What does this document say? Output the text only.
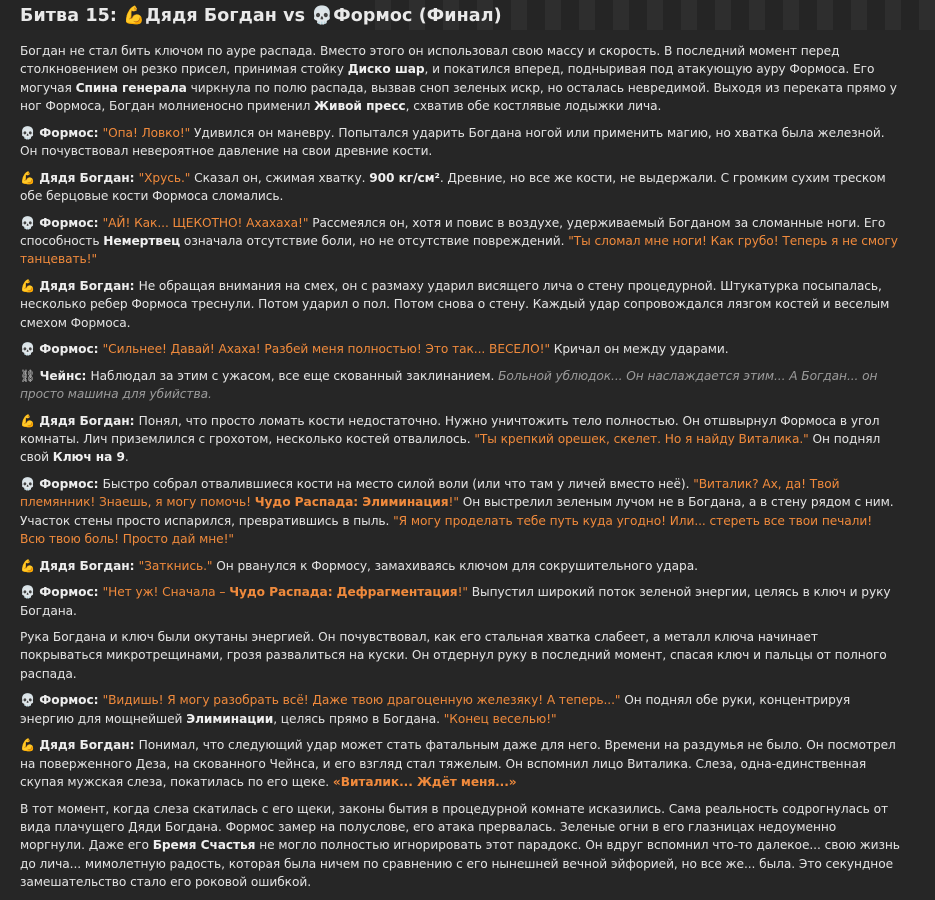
Битва 15: 💪Дядя Богдан vs 💀Формос (Финал)

Богдан не стал бить ключом по ауре распада. Вместо этого он использовал свою массу и скорость. В последний момент перед столкновением он резко присел, принимая стойку Диско шар, и покатился вперед, подныривая под атакующую ауру Формоса. Его могучая Спина генерала чиркнула по полю распада, вызвав сноп зеленых искр, но осталась невредимой. Выходя из переката прямо у ног Формоса, Богдан молниеносно применил Живой пресс, схватив обе костлявые лодыжки лича.

💀 Формос: "Опа! Ловко!" Удивился он маневру. Попытался ударить Богдана ногой или применить магию, но хватка была железной. Он почувствовал невероятное давление на свои древние кости.

💪 Дядя Богдан: "Хрусь." Сказал он, сжимая хватку. 900 кг/см². Древние, но все же кости, не выдержали. С громким сухим треском обе берцовые кости Формоса сломались.

💀 Формос: "АЙ! Как... ЩЕКОТНО! Ахахаха!" Рассмеялся он, хотя и повис в воздухе, удерживаемый Богданом за сломанные ноги. Его способность Немертвец означала отсутствие боли, но не отсутствие повреждений. "Ты сломал мне ноги! Как грубо! Теперь я не смогу танцевать!"

💪 Дядя Богдан: Не обращая внимания на смех, он с размаху ударил висящего лича о стену процедурной. Штукатурка посыпалась, несколько ребер Формоса треснули. Потом ударил о пол. Потом снова о стену. Каждый удар сопровождался лязгом костей и веселым смехом Формоса.

💀 Формос: "Сильнее! Давай! Ахаха! Разбей меня полностью! Это так... ВЕСЕЛО!" Кричал он между ударами.

⛓ Чейнс: Наблюдал за этим с ужасом, все еще скованный заклинанием. Больной ублюдок... Он наслаждается этим... А Богдан... он просто машина для убийства.

💪 Дядя Богдан: Понял, что просто ломать кости недостаточно. Нужно уничтожить тело полностью. Он отшвырнул Формоса в угол комнаты. Лич приземлился с грохотом, несколько костей отвалилось. "Ты крепкий орешек, скелет. Но я найду Виталика." Он поднял свой Ключ на 9.

💀 Формос: Быстро собрал отвалившиеся кости на место силой воли (или что там у личей вместо неё). "Виталик? Ах, да! Твой племянник! Знаешь, я могу помочь! Чудо Распада: Элиминация!" Он выстрелил зеленым лучом не в Богдана, а в стену рядом с ним. Участок стены просто испарился, превратившись в пыль. "Я могу проделать тебе путь куда угодно! Или... стереть все твои печали! Всю твою боль! Просто дай мне!"

💪 Дядя Богдан: "Заткнись." Он рванулся к Формосу, замахиваясь ключом для сокрушительного удара.

💀 Формос: "Нет уж! Сначала – Чудо Распада: Дефрагментация!" Выпустил широкий поток зеленой энергии, целясь в ключ и руку Богдана.

Рука Богдана и ключ были окутаны энергией. Он почувствовал, как его стальная хватка слабеет, а металл ключа начинает покрываться микротрещинами, грозя развалиться на куски. Он отдернул руку в последний момент, спасая ключ и пальцы от полного распада.

💀 Формос: "Видишь! Я могу разобрать всё! Даже твою драгоценную железяку! А теперь..." Он поднял обе руки, концентрируя энергию для мощнейшей Элиминации, целясь прямо в Богдана. "Конец веселью!"

💪 Дядя Богдан: Понимал, что следующий удар может стать фатальным даже для него. Времени на раздумья не было. Он посмотрел на поверженного Деза, на скованного Чейнса, и его взгляд стал тяжелым. Он вспомнил лицо Виталика. Слеза, одна-единственная скупая мужская слеза, покатилась по его щеке. «Виталик... Ждёт меня...»

В тот момент, когда слеза скатилась с его щеки, законы бытия в процедурной комнате исказились. Сама реальность содрогнулась от вида плачущего Дяди Богдана. Формос замер на полуслове, его атака прервалась. Зеленые огни в его глазницах недоуменно моргнули. Даже его Бремя Счастья не могло полностью игнорировать этот парадокс. Он вдруг вспомнил что-то далекое... свою жизнь до лича... мимолетную радость, которая была ничем по сравнению с его нынешней вечной эйфорией, но все же... была. Это секундное замешательство стало его роковой ошибкой.
